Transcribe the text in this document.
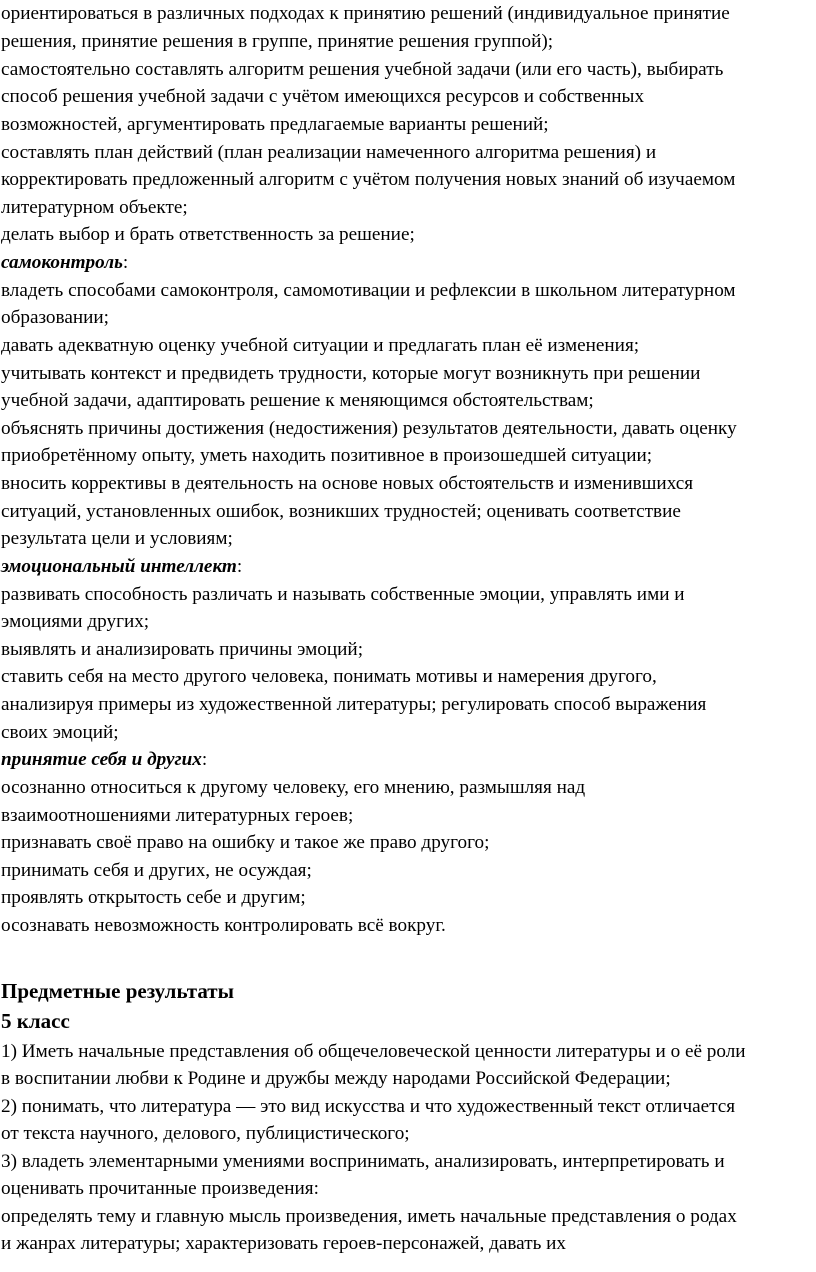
ориентироваться в различных подходах к принятию решений (индивидуальное принятие
решения, принятие решения в группе, принятие решения группой);
самостоятельно составлять алгоритм решения учебной задачи (или его часть), выбирать
способ решения учебной задачи с учётом имеющихся ресурсов и собственных
возможностей, аргументировать предлагаемые варианты решений;
составлять план действий (план реализации намеченного алгоритма решения) и
корректировать предложенный алгоритм с учётом получения новых знаний об изучаемом
литературном объекте;
делать выбор и брать ответственность за решение;
самоконтроль:
владеть способами самоконтроля, самомотивации и рефлексии в школьном литературном
образовании;
давать адекватную оценку учебной ситуации и предлагать план её изменения;
учитывать контекст и предвидеть трудности, которые могут возникнуть при решении
учебной задачи, адаптировать решение к меняющимся обстоятельствам;
объяснять причины достижения (недостижения) результатов деятельности, давать оценку
приобретённому опыту, уметь находить позитивное в произошедшей ситуации;
вносить коррективы в деятельность на основе новых обстоятельств и изменившихся
ситуаций, установленных ошибок, возникших трудностей; оценивать соответствие
результата цели и условиям;
эмоциональный интеллект:
развивать способность различать и называть собственные эмоции, управлять ими и
эмоциями других;
выявлять и анализировать причины эмоций;
ставить себя на место другого человека, понимать мотивы и намерения другого,
анализируя примеры из художественной литературы; регулировать способ выражения
своих эмоций;
принятие себя и других:
осознанно относиться к другому человеку, его мнению, размышляя над
взаимоотношениями литературных героев;
признавать своё право на ошибку и такое же право другого;
принимать себя и других, не осуждая;
проявлять открытость себе и другим;
осознавать невозможность контролировать всё вокруг.
Предметные результаты
5 класс
1) Иметь начальные представления об общечеловеческой ценности литературы и о её роли
в воспитании любви к Родине и дружбы между народами Российской Федерации;
2) понимать, что литература — это вид искусства и что художественный текст отличается
от текста научного, делового, публицистического;
3) владеть элементарными умениями воспринимать, анализировать, интерпретировать и
оценивать прочитанные произведения:
определять тему и главную мысль произведения, иметь начальные представления о родах
и жанрах литературы; характеризовать героев-персонажей, давать их
